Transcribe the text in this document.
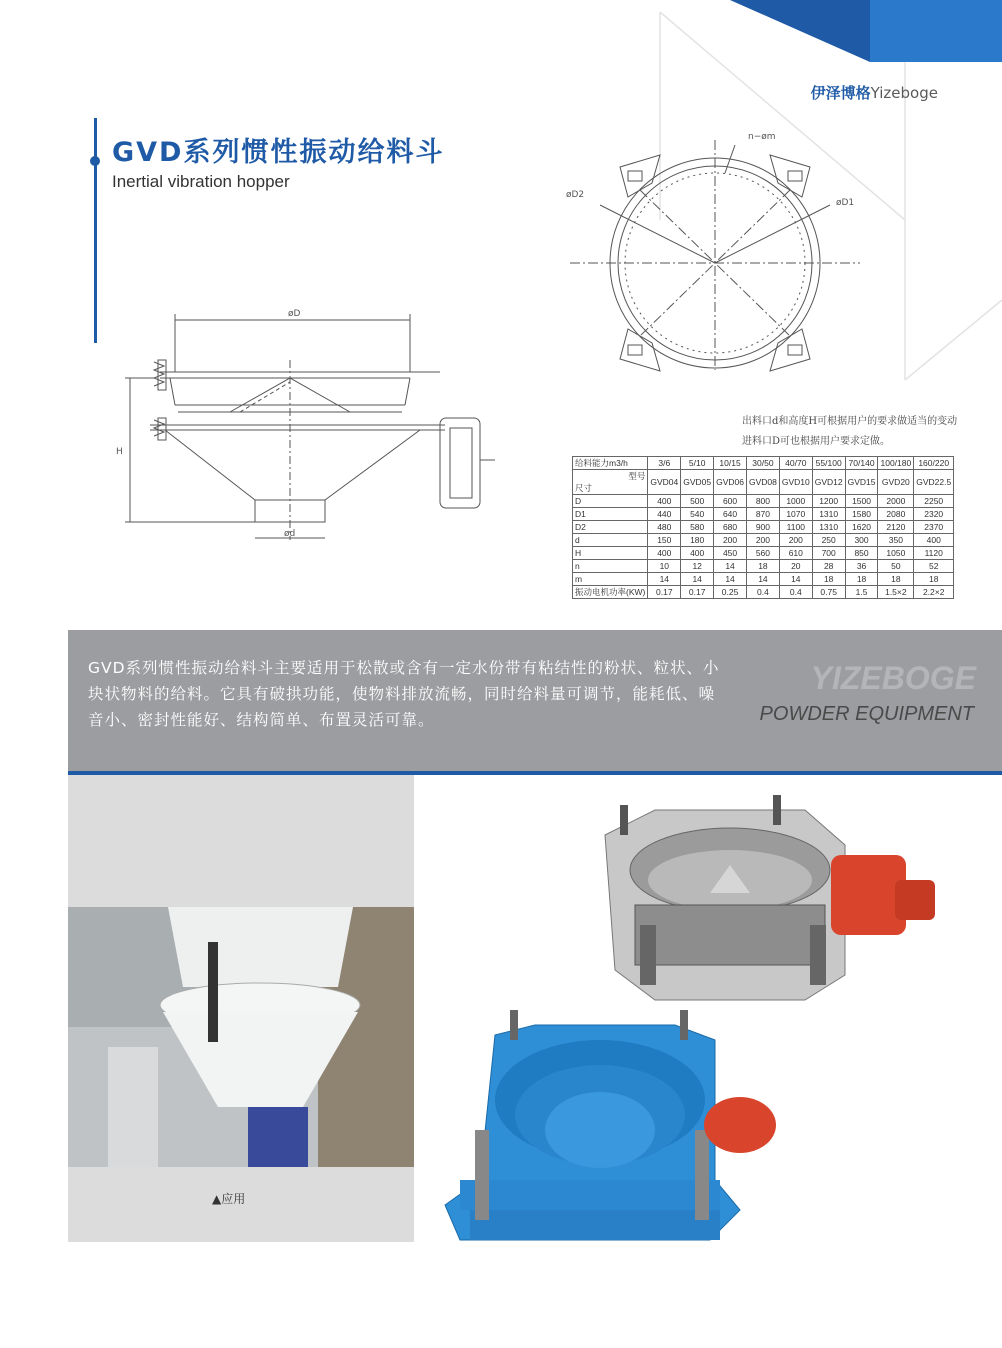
伊泽博格Yizeboge
GVD系列惯性振动给料斗
Inertial vibration hopper
øD
ød
H
n−øm
øD2
øD1
出料口d和高度H可根据用户的要求做适当的变动
进料口D可也根据用户要求定做。
给料能力m3/h	3/6	5/10	10/15	30/50	40/70	55/100	70/140	100/180	160/220

型号
尺寸	GVD04	GVD05	GVD06	GVD08	GVD10	GVD12	GVD15	GVD20	GVD22.5
D	400	500	600	800	1000	1200	1500	2000	2250
D1	440	540	640	870	1070	1310	1580	2080	2320
D2	480	580	680	900	1100	1310	1620	2120	2370
d	150	180	200	200	200	250	300	350	400
H	400	400	450	560	610	700	850	1050	1120
n	10	12	14	18	20	28	36	50	52
m	14	14	14	14	14	18	18	18	18
振动电机功率(KW)	0.17	0.17	0.25	0.4	0.4	0.75	1.5	1.5×2	2.2×2
GVD系列惯性振动给料斗主要适用于松散或含有一定水份带有粘结性的粉状、粒状、小块状物料的给料。它具有破拱功能，使物料排放流畅，同时给料量可调节，能耗低、噪音小、密封性能好、结构简单、布置灵活可靠。
YIZEBOGE
POWDER EQUIPMENT
▲应用
